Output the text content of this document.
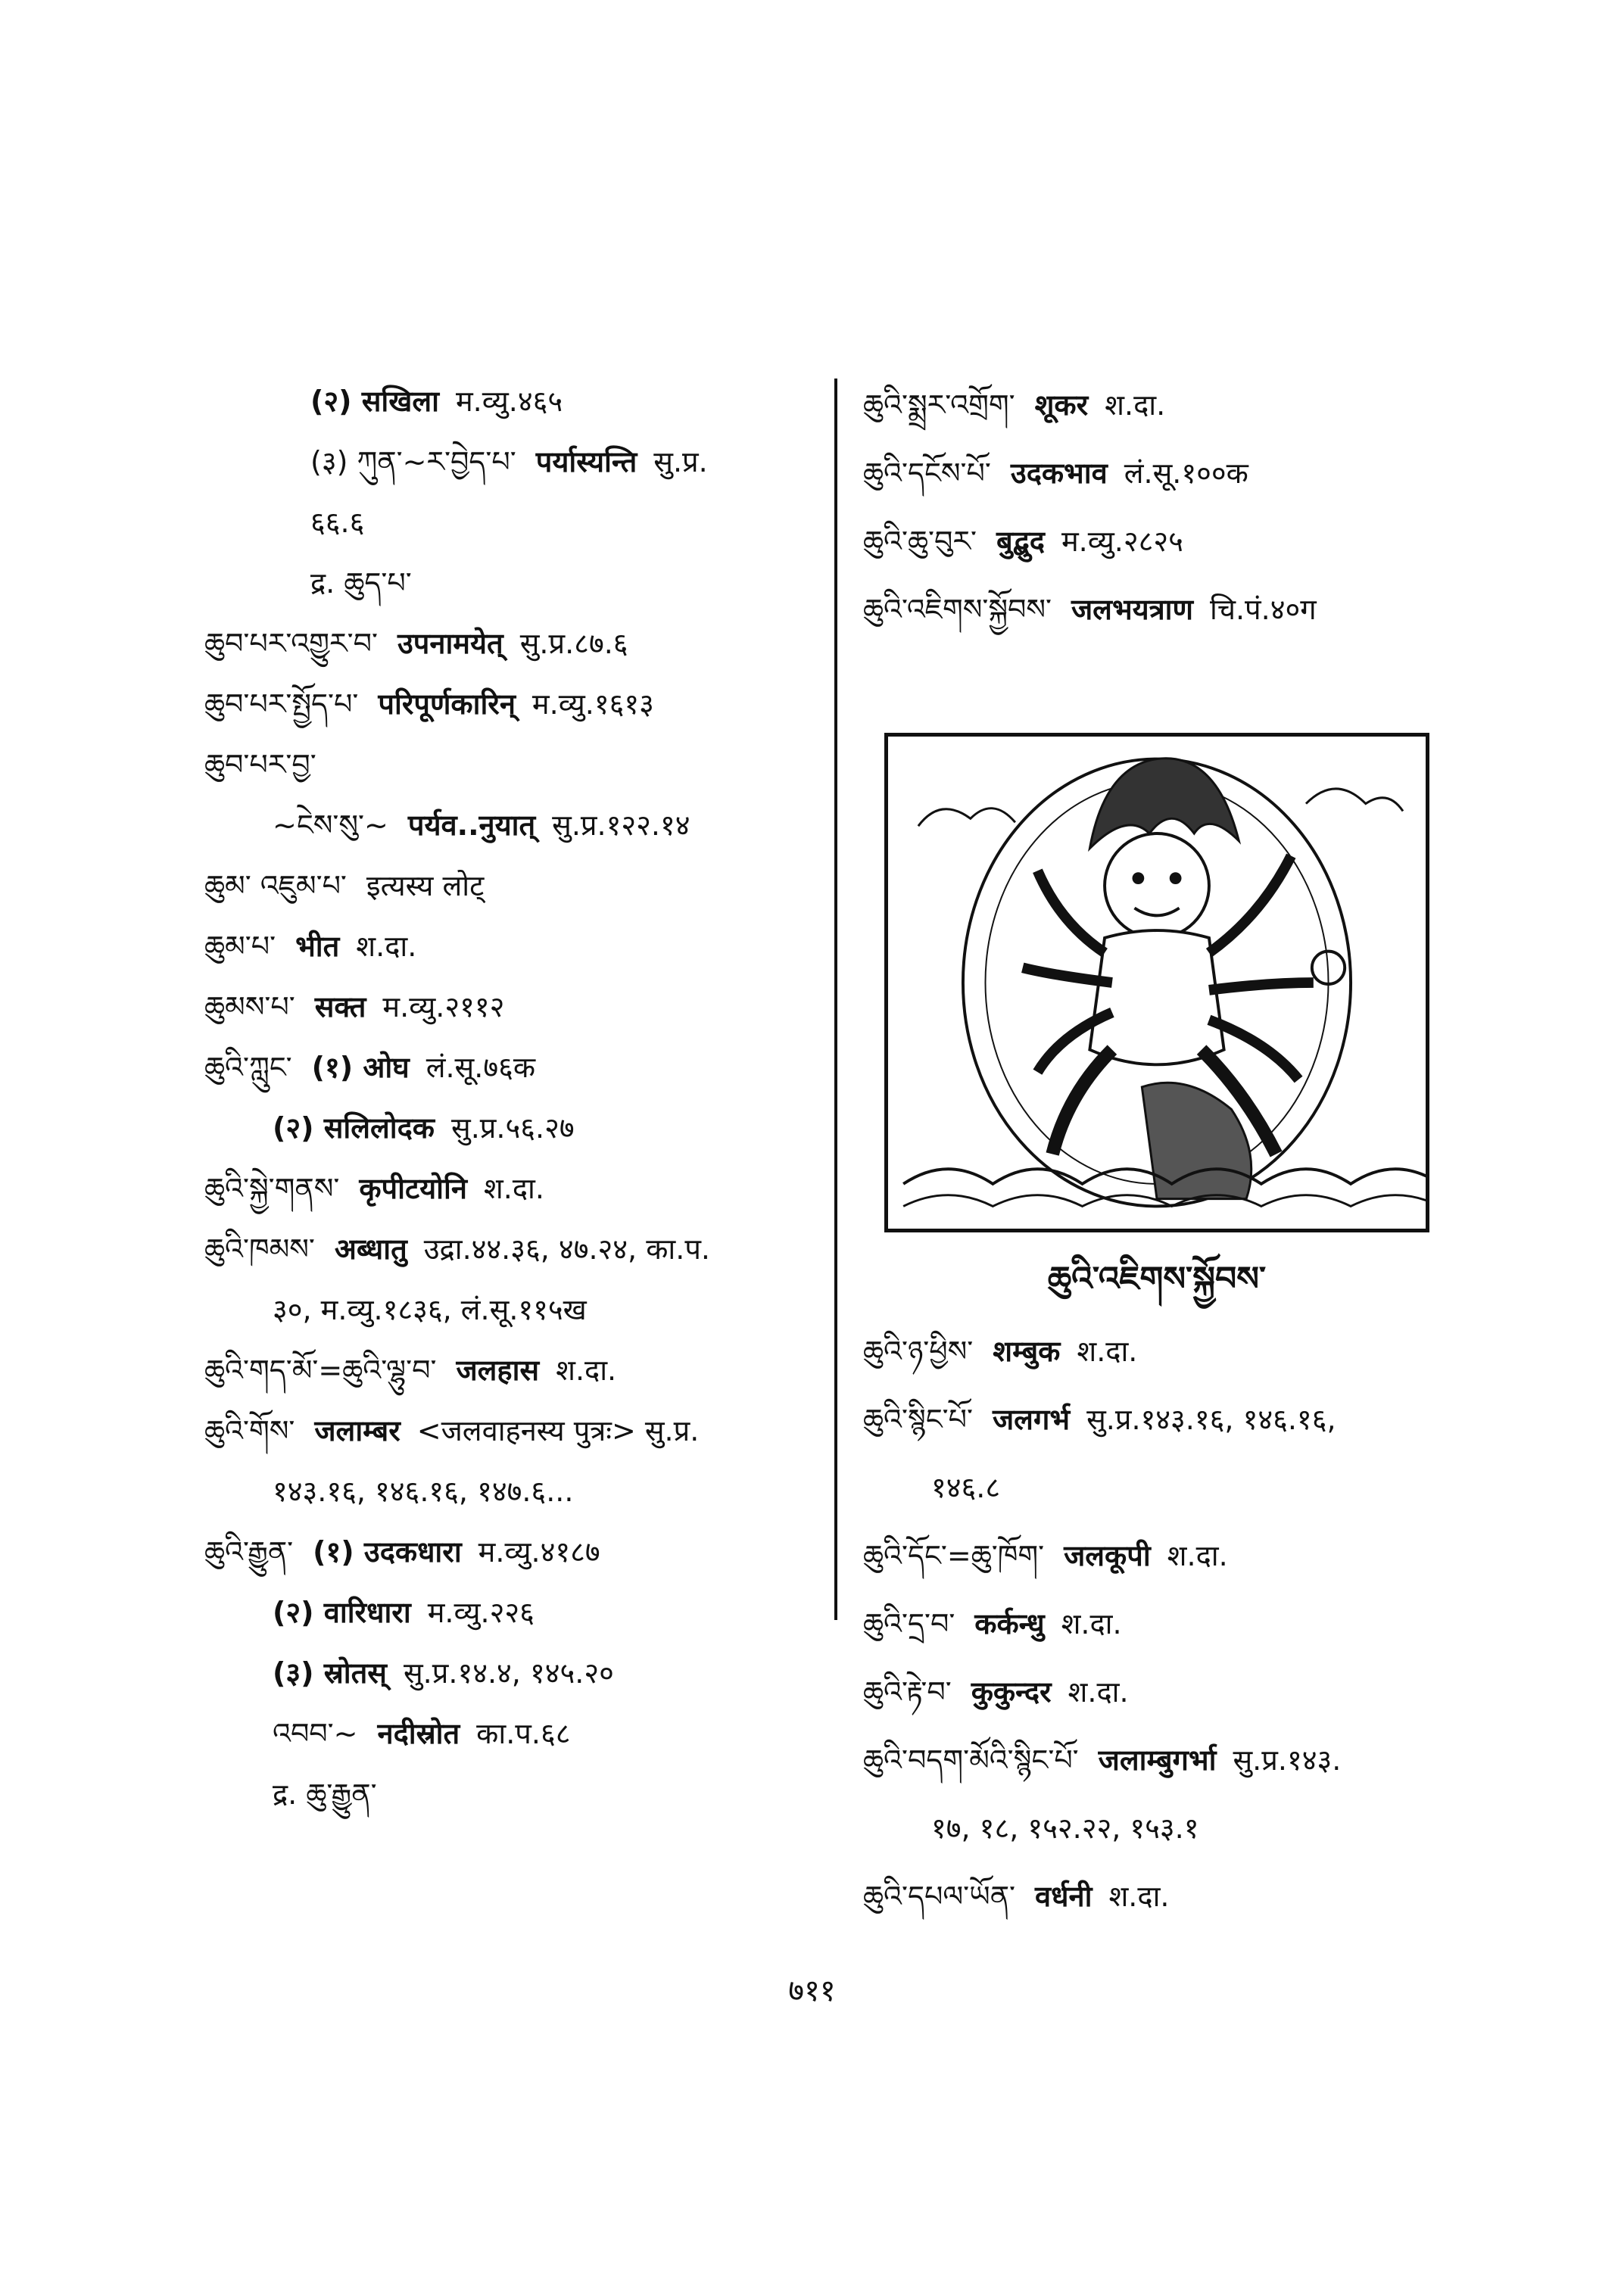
(२) सखिला म.व्यु.४६५
(३) ཀུན་~ར་བྱེད་པ་ पर्यास्यन्ति सु.प्र.
६६.६
द्र. ཆུད་པ་
ཆུབ་པར་འགྱུར་བ་ उपनामयेत् सु.प्र.८७.६
ཆུབ་པར་སྤྱོད་པ་ परिपूर्णकारिन् म.व्यु.१६१३
ཆུབ་པར་བྱ་
~ངེས་སུ་~ पर्यव..नुयात् सु.प्र.१२२.१४
ཆུམ་ འཇུམ་པ་ इत्यस्य लोट्
ཆུམ་པ་ भीत श.दा.
ཆུམས་པ་ सक्त म.व्यु.२११२
ཆུའི་ཀླུང་ (१) ओघ लं.सू.७६क
(२) सलिलोदक सु.प्र.५६.२७
ཆུའི་སྐྱེ་གནས་ कृपीटयोनि श.दा.
ཆུའི་ཁམས་ अब्धातु उद्रा.४४.३६, ४७.२४, का.प.
३०, म.व्यु.१८३६, लं.सू.११५ख
ཆུའི་གད་མོ་=ཆུའི་ལྷུ་བ་ जलहास श.दा.
ཆུའི་གོས་ जलाम्बर <जलवाहनस्य पुत्रः> सु.प्र.
१४३.१६, १४६.१६, १४७.६...
ཆུའི་རྒྱུན་ (१) उदकधारा म.व्यु.४१८७
(२) वारिधारा म.व्यु.२२६
(३) स्रोतस् सु.प्र.१४.४, १४५.२०
འབབ་~ नदीस्रोत का.प.६८
द्र. ཆུ་རྒྱུན་
ཆུའི་སྨྲར་འགྲོག་ शूकर श.दा.
ཆུའི་དངོས་པོ་ उदकभाव लं.सू.१००क
ཆུའི་ཆུ་བུར་ बुद्बुद म.व्यु.२८२५
ཆུའི་འཇིགས་སྐྱོབས་ जलभयत्राण चि.पं.४०ग
ཆུའི་འཇིགས་སྐྱོབས་
ཆུའི་ཉ་ཕྱིས་ शम्बुक श.दा.
ཆུའི་སྙིང་པོ་ जलगर्भ सु.प्र.१४३.१६, १४६.१६,
१४६.८
ཆུའི་དོང་=ཆུ་ཁོག་ जलकूपी श.दा.
ཆུའི་དྲ་བ་ कर्कन्धु श.दा.
ཆུའི་རྟེ་བ་ कुकुन्दर श.दा.
ཆུའི་བདག་མོའི་སྙིང་པོ་ जलाम्बुगर्भा सु.प्र.१४३.
१७, १८, १५२.२२, १५३.१
ཆུའི་དཔལ་ཡོན་ वर्धनी श.दा.
७११
